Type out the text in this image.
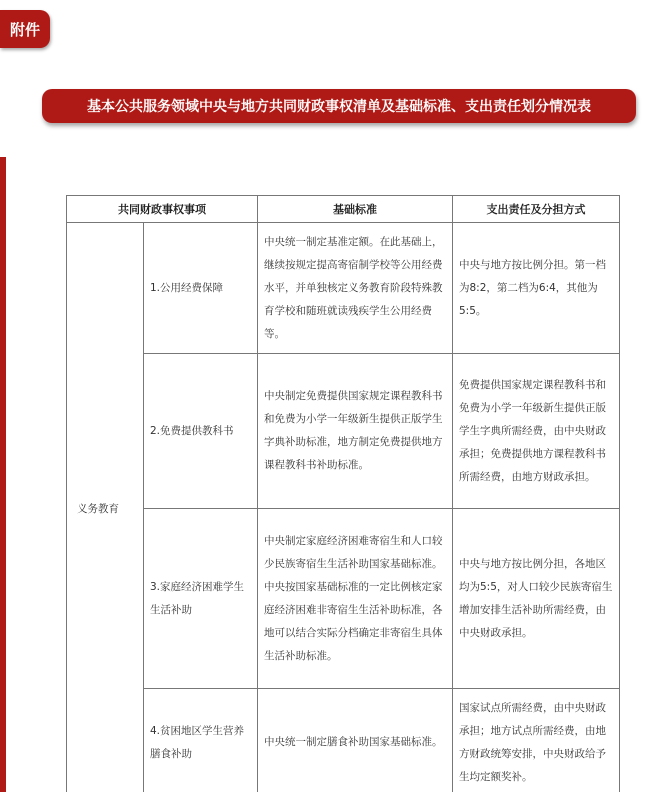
附件
基本公共服务领域中央与地方共同财政事权清单及基础标准、支出责任划分情况表
共同财政事权事项		基础标准	支出责任及分担方式
义务教育	1.公用经费保障	中央统一制定基准定额。在此基础上，继续按规定提高寄宿制学校等公用经费水平，并单独核定义务教育阶段特殊教育学校和随班就读残疾学生公用经费等。	中央与地方按比例分担。第一档为8:2，第二档为6:4，其他为5:5。
	2.免费提供教科书	中央制定免费提供国家规定课程教科书和免费为小学一年级新生提供正版学生字典补助标准，地方制定免费提供地方课程教科书补助标准。	免费提供国家规定课程教科书和免费为小学一年级新生提供正版学生字典所需经费，由中央财政承担；免费提供地方课程教科书所需经费，由地方财政承担。
	3.家庭经济困难学生生活补助	中央制定家庭经济困难寄宿生和人口较少民族寄宿生生活补助国家基础标准。中央按国家基础标准的一定比例核定家庭经济困难非寄宿生生活补助标准，各地可以结合实际分档确定非寄宿生具体生活补助标准。	中央与地方按比例分担，各地区均为5:5，对人口较少民族寄宿生增加安排生活补助所需经费，由中央财政承担。
	4.贫困地区学生营养膳食补助	中央统一制定膳食补助国家基础标准。	国家试点所需经费，由中央财政承担；地方试点所需经费，由地方财政统筹安排，中央财政给予生均定额奖补。
